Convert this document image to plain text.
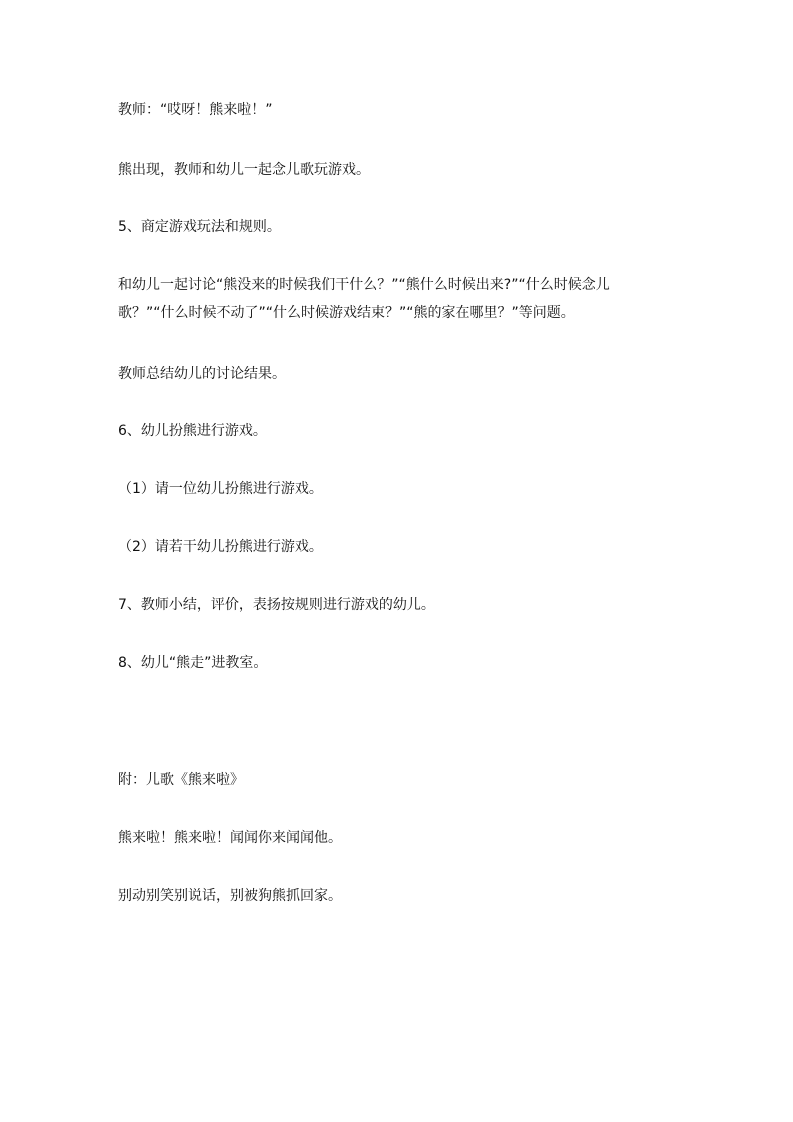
教师：“哎呀！熊来啦！”
熊出现，教师和幼儿一起念儿歌玩游戏。
5、商定游戏玩法和规则。
和幼儿一起讨论“熊没来的时候我们干什么？”“熊什么时候出来?”“什么时候念儿歌？”“什么时候不动了”“什么时候游戏结束？”“熊的家在哪里？”等问题。
教师总结幼儿的讨论结果。
6、幼儿扮熊进行游戏。
（1）请一位幼儿扮熊进行游戏。
（2）请若干幼儿扮熊进行游戏。
7、教师小结，评价，表扬按规则进行游戏的幼儿。
8、幼儿“熊走”进教室。
附：儿歌《熊来啦》
熊来啦！熊来啦！闻闻你来闻闻他。
别动别笑别说话，别被狗熊抓回家。
